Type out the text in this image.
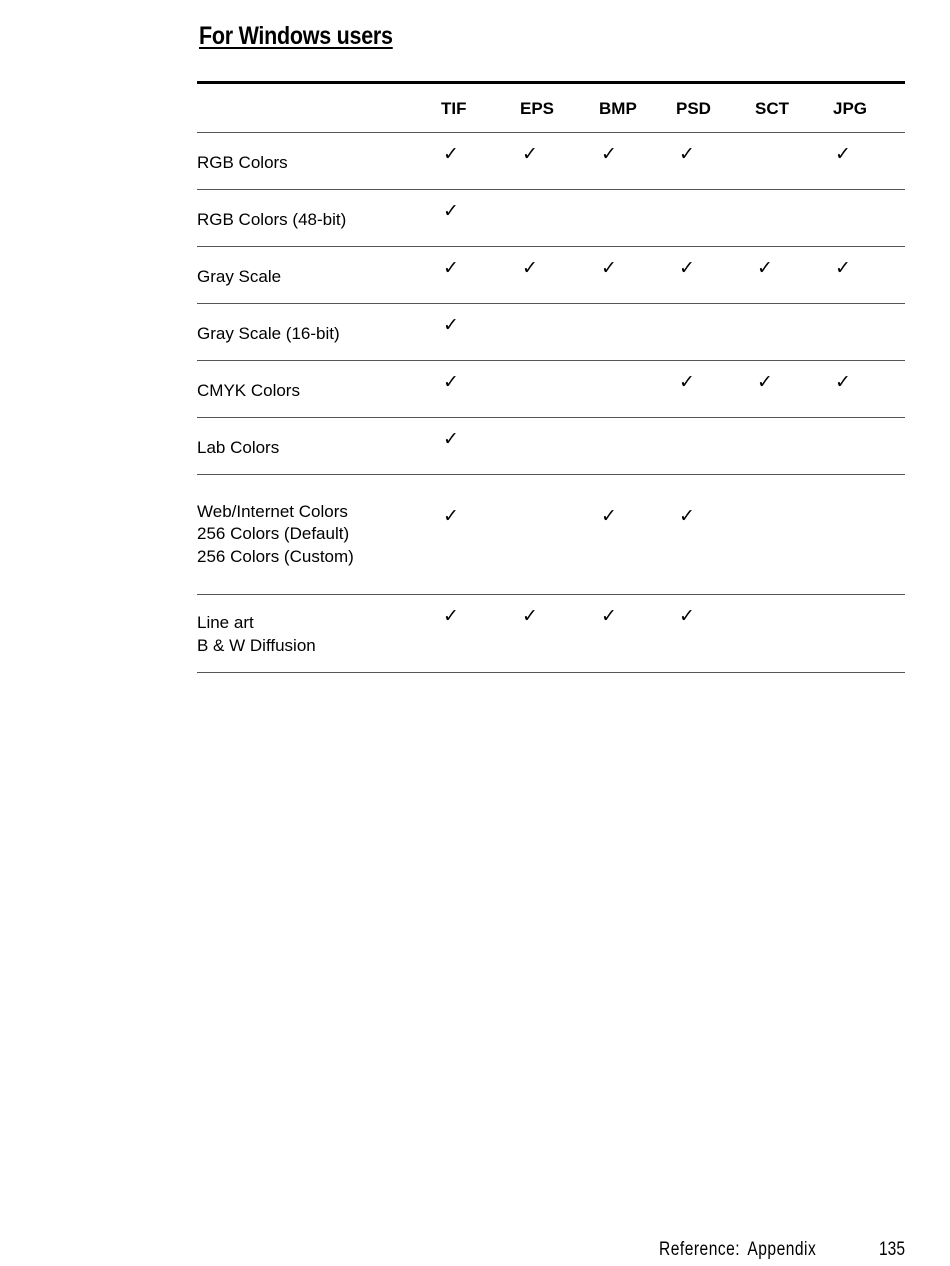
For Windows users
	TIF	EPS	BMP	PSD	SCT	JPG

RGB Colors	✓	✓	✓	✓		✓

RGB Colors (48-bit)	✓					

Gray Scale	✓	✓	✓	✓	✓	✓

Gray Scale (16-bit)	✓					

CMYK Colors	✓			✓	✓	✓

Lab Colors	✓					

Web/Internet Colors
256 Colors (Default)
256 Colors (Custom)	✓		✓	✓		

Line art
B & W Diffusion	✓	✓	✓	✓		
Reference: Appendix	135
